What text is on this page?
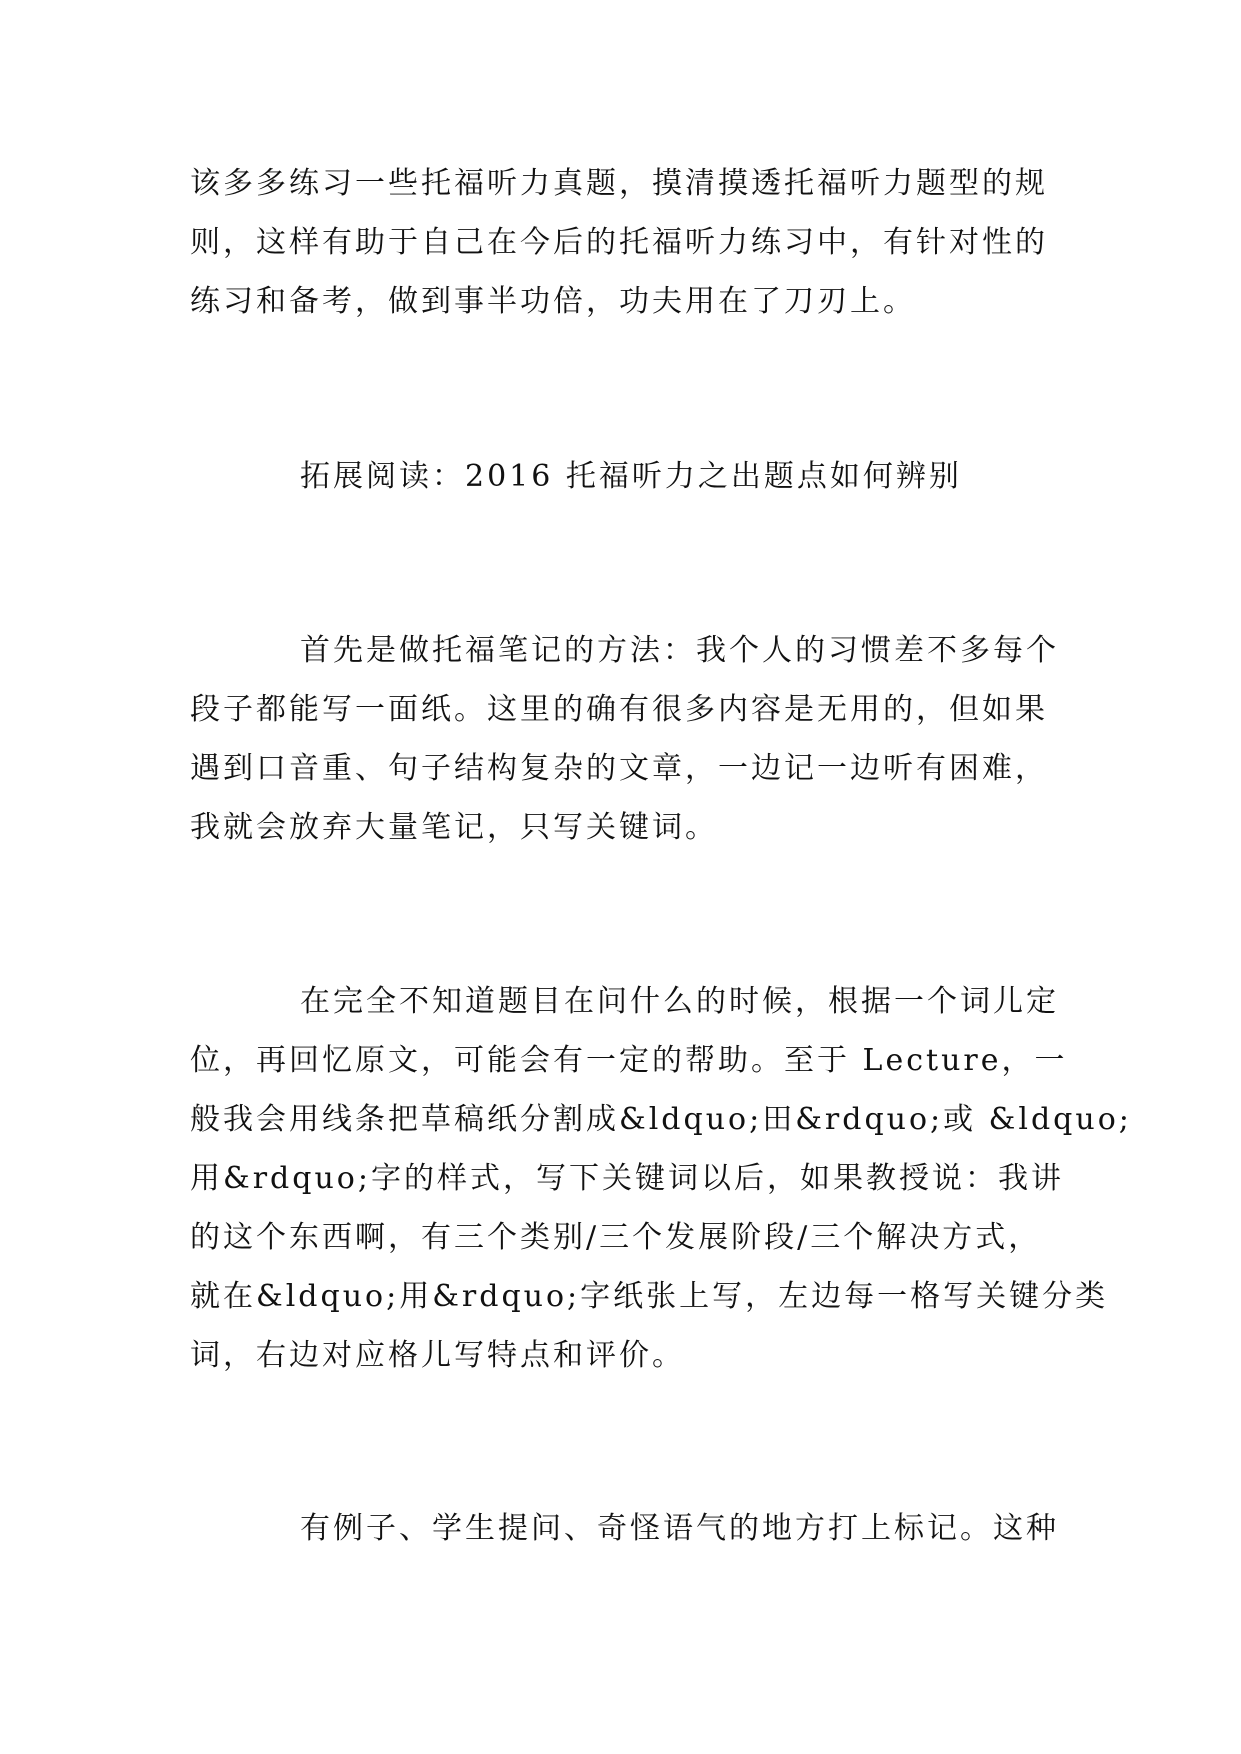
该多多练习一些托福听力真题，摸清摸透托福听力题型的规
则，这样有助于自己在今后的托福听力练习中，有针对性的
练习和备考，做到事半功倍，功夫用在了刀刃上。
拓展阅读：2016 托福听力之出题点如何辨别
首先是做托福笔记的方法：我个人的习惯差不多每个
段子都能写一面纸。这里的确有很多内容是无用的，但如果
遇到口音重、句子结构复杂的文章，一边记一边听有困难，
我就会放弃大量笔记，只写关键词。
在完全不知道题目在问什么的时候，根据一个词儿定
位，再回忆原文，可能会有一定的帮助。至于 Lecture，一
般我会用线条把草稿纸分割成&ldquo;田&rdquo;或 &ldquo;
用&rdquo;字的样式，写下关键词以后，如果教授说：我讲
的这个东西啊，有三个类别/三个发展阶段/三个解决方式，
就在&ldquo;用&rdquo;字纸张上写，左边每一格写关键分类
词，右边对应格儿写特点和评价。
有例子、学生提问、奇怪语气的地方打上标记。这种
